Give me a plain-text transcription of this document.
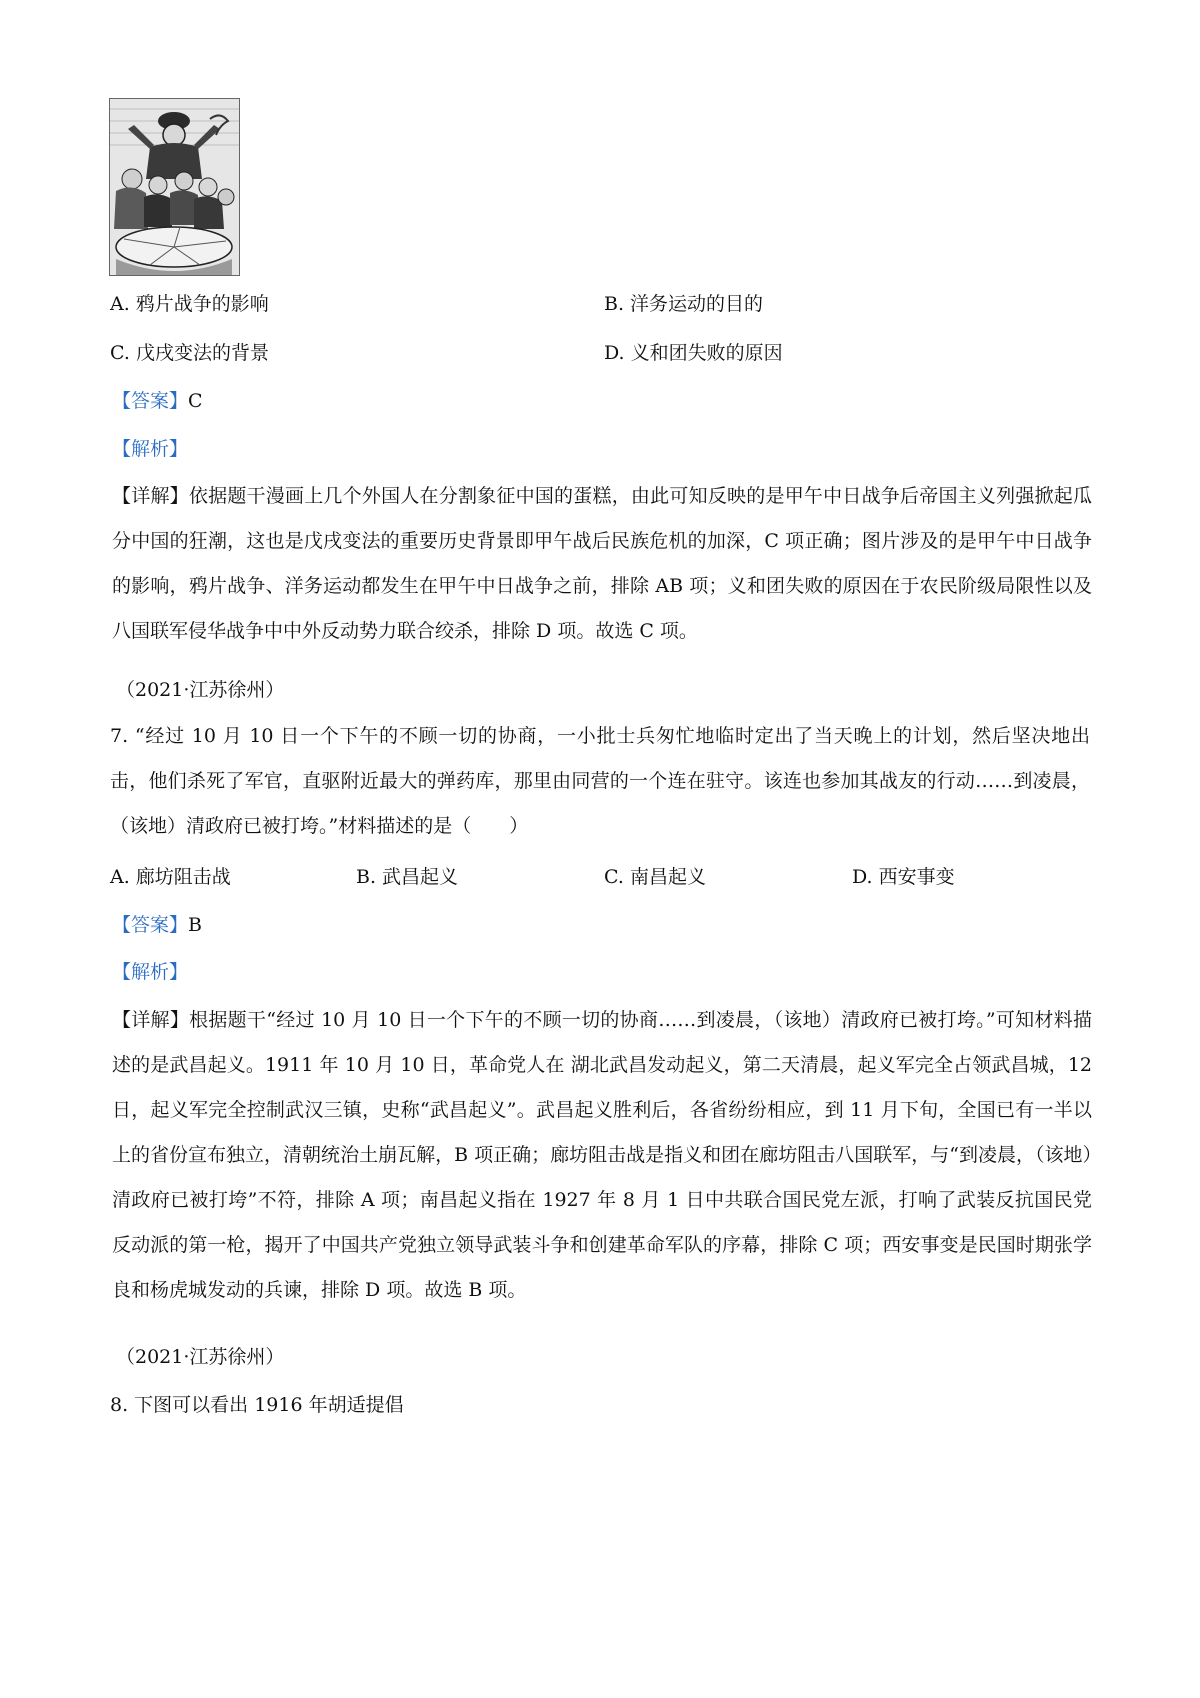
A. 鸦片战争的影响	B. 洋务运动的目的
C. 戊戌变法的背景	D. 义和团失败的原因
【答案】C
【解析】
【详解】依据题干漫画上几个外国人在分割象征中国的蛋糕，由此可知反映的是甲午中日战争后帝国主义列强掀起瓜分中国的狂潮，这也是戊戌变法的重要历史背景即甲午战后民族危机的加深，C 项正确；图片涉及的是甲午中日战争的影响，鸦片战争、洋务运动都发生在甲午中日战争之前，排除 AB 项；义和团失败的原因在于农民阶级局限性以及八国联军侵华战争中中外反动势力联合绞杀，排除 D 项。故选 C 项。
（2021·江苏徐州）
7. “经过 10 月 10 日一个下午的不顾一切的协商，一小批士兵匆忙地临时定出了当天晚上的计划，然后坚决地出击，他们杀死了军官，直驱附近最大的弹药库，那里由同营的一个连在驻守。该连也参加其战友的行动……到凌晨，（该地）清政府已被打垮。”材料描述的是（　　）
A. 廊坊阻击战	B. 武昌起义	C. 南昌起义	D. 西安事变
【答案】B
【解析】
【详解】根据题干“经过 10 月 10 日一个下午的不顾一切的协商……到凌晨，（该地）清政府已被打垮。”可知材料描述的是武昌起义。1911 年 10 月 10 日，革命党人在 湖北武昌发动起义，第二天清晨，起义军完全占领武昌城，12 日，起义军完全控制武汉三镇，史称“武昌起义”。武昌起义胜利后，各省纷纷相应，到 11 月下旬，全国已有一半以上的省份宣布独立，清朝统治土崩瓦解，B 项正确；廊坊阻击战是指义和团在廊坊阻击八国联军，与“到凌晨，（该地）清政府已被打垮”不符，排除 A 项；南昌起义指在 1927 年 8 月 1 日中共联合国民党左派，打响了武装反抗国民党反动派的第一枪，揭开了中国共产党独立领导武装斗争和创建革命军队的序幕，排除 C 项；西安事变是民国时期张学良和杨虎城发动的兵谏，排除 D 项。故选 B 项。
（2021·江苏徐州）
8. 下图可以看出 1916 年胡适提倡
